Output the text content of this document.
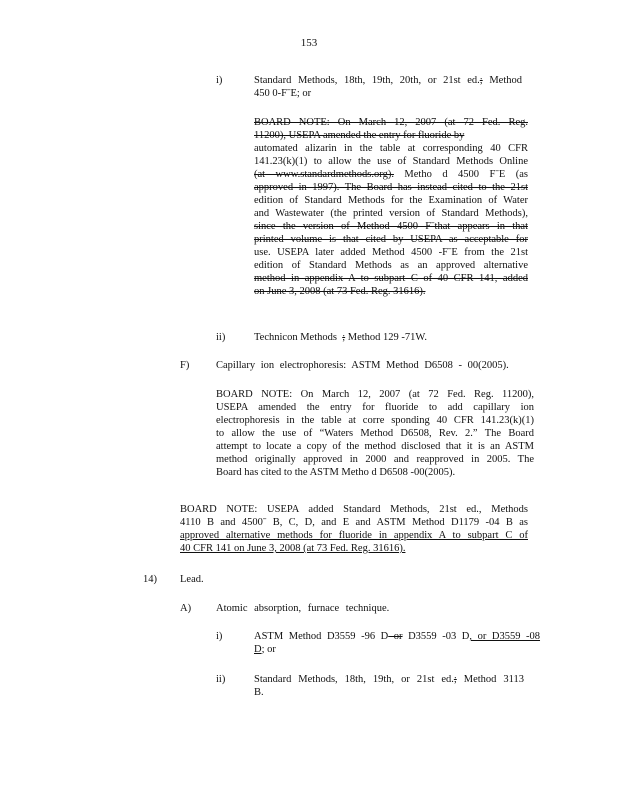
153
i)	Standard Methods, 18th, 19th, 20th, or 21st ed.; Method
450 0-FˉE; or
BOARD NOTE: On March 12, 2007 (at 72 Fed. Reg.
11200), USEPA amended the entry for fluoride by
automated alizarin in the table at corresponding 40 CFR
141.23(k)(1) to allow the use of Standard Methods Online
(at www.standardmethods.org). Metho d 4500 FˉE (as
approved in 1997). The Board has instead cited to the 21st
edition of Standard Methods for the Examination of Water
and Wastewater (the printed version of Standard Methods),
since the version of Method 4500 Fˉthat appears in that
printed volume is that cited by USEPA as acceptable for
use. USEPA later added Method 4500 -FˉE from the 21st
edition of Standard Methods as an approved alternative
method in appendix A to subpart C of 40 CFR 141, added
on June 3, 2008 (at 73 Fed. Reg. 31616).
ii)	Technicon Methods ; Method 129 -71W.
F)	Capillary ion electrophoresis: ASTM Method D6508 - 00(2005).
BOARD NOTE: On March 12, 2007 (at 72 Fed. Reg. 11200),
USEPA amended the entry for fluoride to add capillary ion
electrophoresis in the table at corre sponding 40 CFR 141.23(k)(1)
to allow the use of “Waters Method D6508, Rev. 2.” The Board
attempt to locate a copy of the method disclosed that it is an ASTM
method originally approved in 2000 and reapproved in 2005. The
Board has cited to the ASTM Metho d D6508 -00(2005).
BOARD NOTE: USEPA added Standard Methods, 21st ed., Methods
4110 B and 4500ˉ B, C, D, and E and ASTM Method D1179 -04 B as
approved alternative methods for fluoride in appendix A to subpart C of
40 CFR 141 on June 3, 2008 (at 73 Fed. Reg. 31616).
14) Lead.
A) Atomic absorption, furnace technique.
i)	ASTM Method D3559 -96 D or D3559 -03 D, or D3559 -08
D; or
ii)	Standard Methods, 18th, 19th, or 21st ed.; Method 3113
B.
